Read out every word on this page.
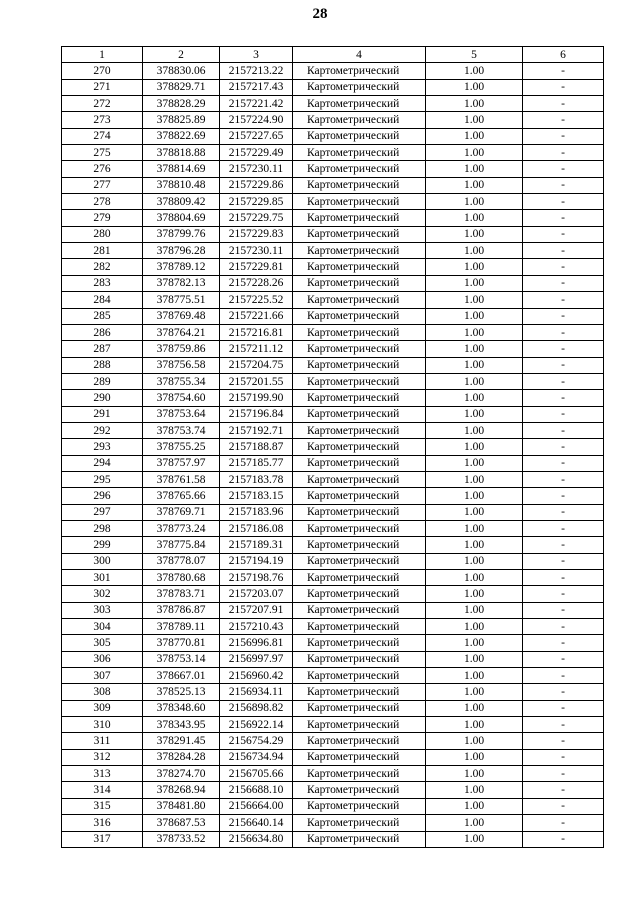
28
1	2	3	4	5	6
270	378830.06	2157213.22	Картометрический	1.00	-
271	378829.71	2157217.43	Картометрический	1.00	-
272	378828.29	2157221.42	Картометрический	1.00	-
273	378825.89	2157224.90	Картометрический	1.00	-
274	378822.69	2157227.65	Картометрический	1.00	-
275	378818.88	2157229.49	Картометрический	1.00	-
276	378814.69	2157230.11	Картометрический	1.00	-
277	378810.48	2157229.86	Картометрический	1.00	-
278	378809.42	2157229.85	Картометрический	1.00	-
279	378804.69	2157229.75	Картометрический	1.00	-
280	378799.76	2157229.83	Картометрический	1.00	-
281	378796.28	2157230.11	Картометрический	1.00	-
282	378789.12	2157229.81	Картометрический	1.00	-
283	378782.13	2157228.26	Картометрический	1.00	-
284	378775.51	2157225.52	Картометрический	1.00	-
285	378769.48	2157221.66	Картометрический	1.00	-
286	378764.21	2157216.81	Картометрический	1.00	-
287	378759.86	2157211.12	Картометрический	1.00	-
288	378756.58	2157204.75	Картометрический	1.00	-
289	378755.34	2157201.55	Картометрический	1.00	-
290	378754.60	2157199.90	Картометрический	1.00	-
291	378753.64	2157196.84	Картометрический	1.00	-
292	378753.74	2157192.71	Картометрический	1.00	-
293	378755.25	2157188.87	Картометрический	1.00	-
294	378757.97	2157185.77	Картометрический	1.00	-
295	378761.58	2157183.78	Картометрический	1.00	-
296	378765.66	2157183.15	Картометрический	1.00	-
297	378769.71	2157183.96	Картометрический	1.00	-
298	378773.24	2157186.08	Картометрический	1.00	-
299	378775.84	2157189.31	Картометрический	1.00	-
300	378778.07	2157194.19	Картометрический	1.00	-
301	378780.68	2157198.76	Картометрический	1.00	-
302	378783.71	2157203.07	Картометрический	1.00	-
303	378786.87	2157207.91	Картометрический	1.00	-
304	378789.11	2157210.43	Картометрический	1.00	-
305	378770.81	2156996.81	Картометрический	1.00	-
306	378753.14	2156997.97	Картометрический	1.00	-
307	378667.01	2156960.42	Картометрический	1.00	-
308	378525.13	2156934.11	Картометрический	1.00	-
309	378348.60	2156898.82	Картометрический	1.00	-
310	378343.95	2156922.14	Картометрический	1.00	-
311	378291.45	2156754.29	Картометрический	1.00	-
312	378284.28	2156734.94	Картометрический	1.00	-
313	378274.70	2156705.66	Картометрический	1.00	-
314	378268.94	2156688.10	Картометрический	1.00	-
315	378481.80	2156664.00	Картометрический	1.00	-
316	378687.53	2156640.14	Картометрический	1.00	-
317	378733.52	2156634.80	Картометрический	1.00	-
